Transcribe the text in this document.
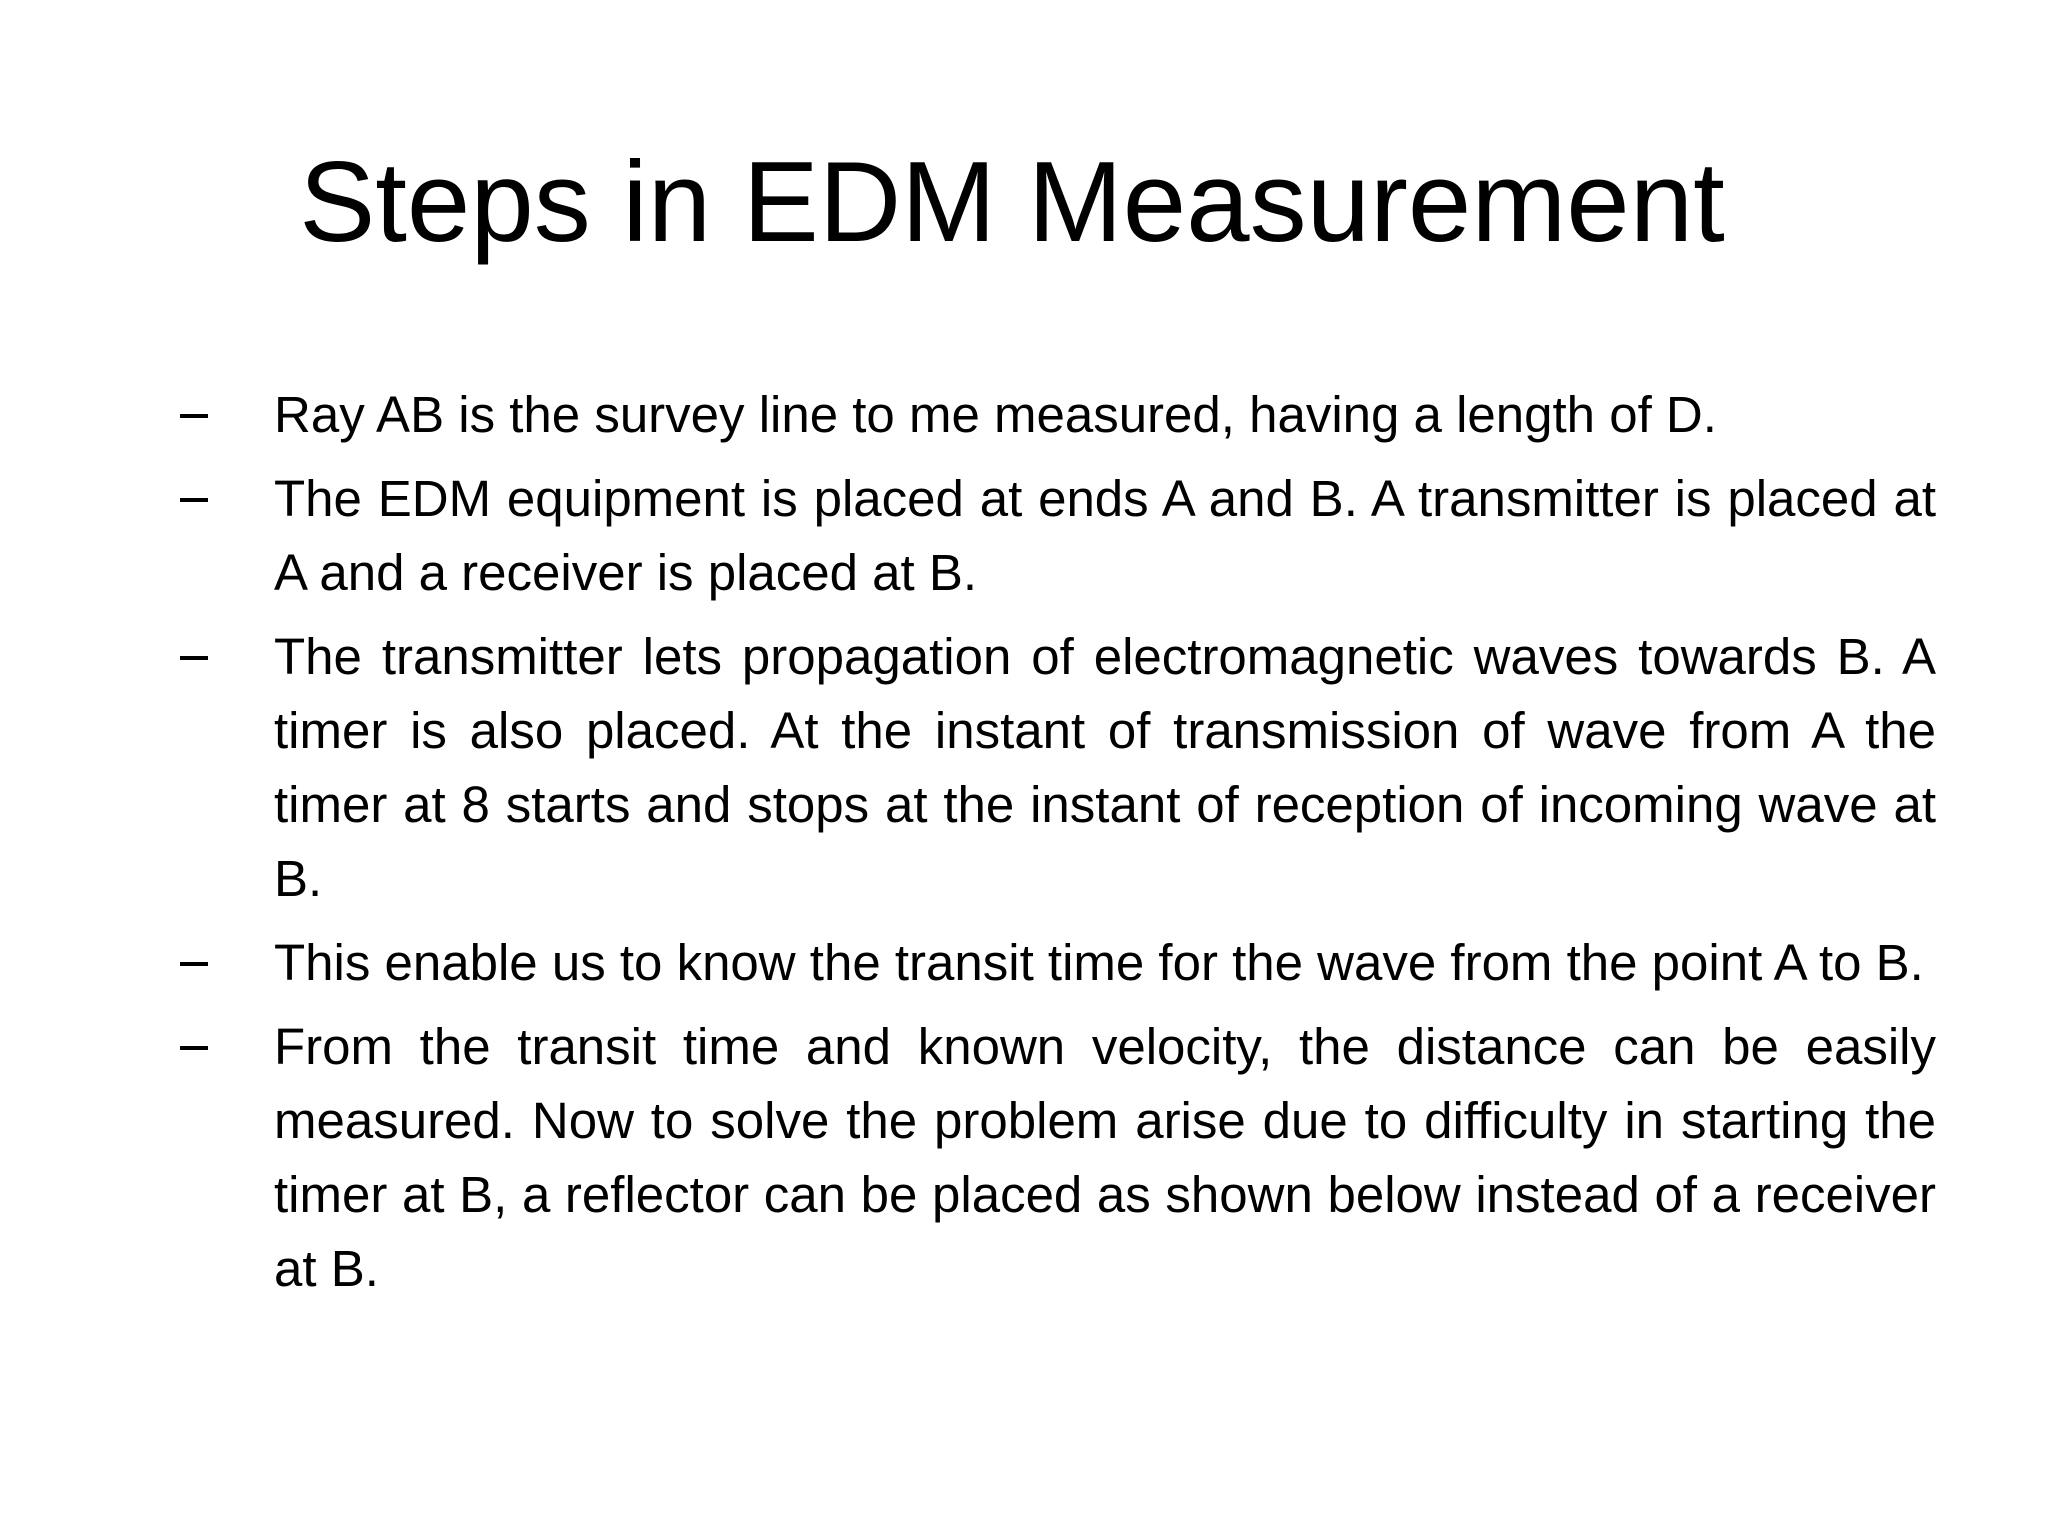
Steps in EDM Measurement
Ray AB is the survey line to me measured, having a length of D.
The EDM equipment is placed at ends A and B. A transmitter is placed at A and a receiver is placed at B.
The transmitter lets propagation of electromagnetic waves towards B. A timer is also placed. At the instant of transmission of wave from A the timer at 8 starts and stops at the instant of reception of incoming wave at B.
This enable us to know the transit time for the wave from the point A to B.
From the transit time and known velocity, the distance can be easily measured. Now to solve the problem arise due to difficulty in starting the timer at B, a reflector can be placed as shown below instead of a receiver at B.
